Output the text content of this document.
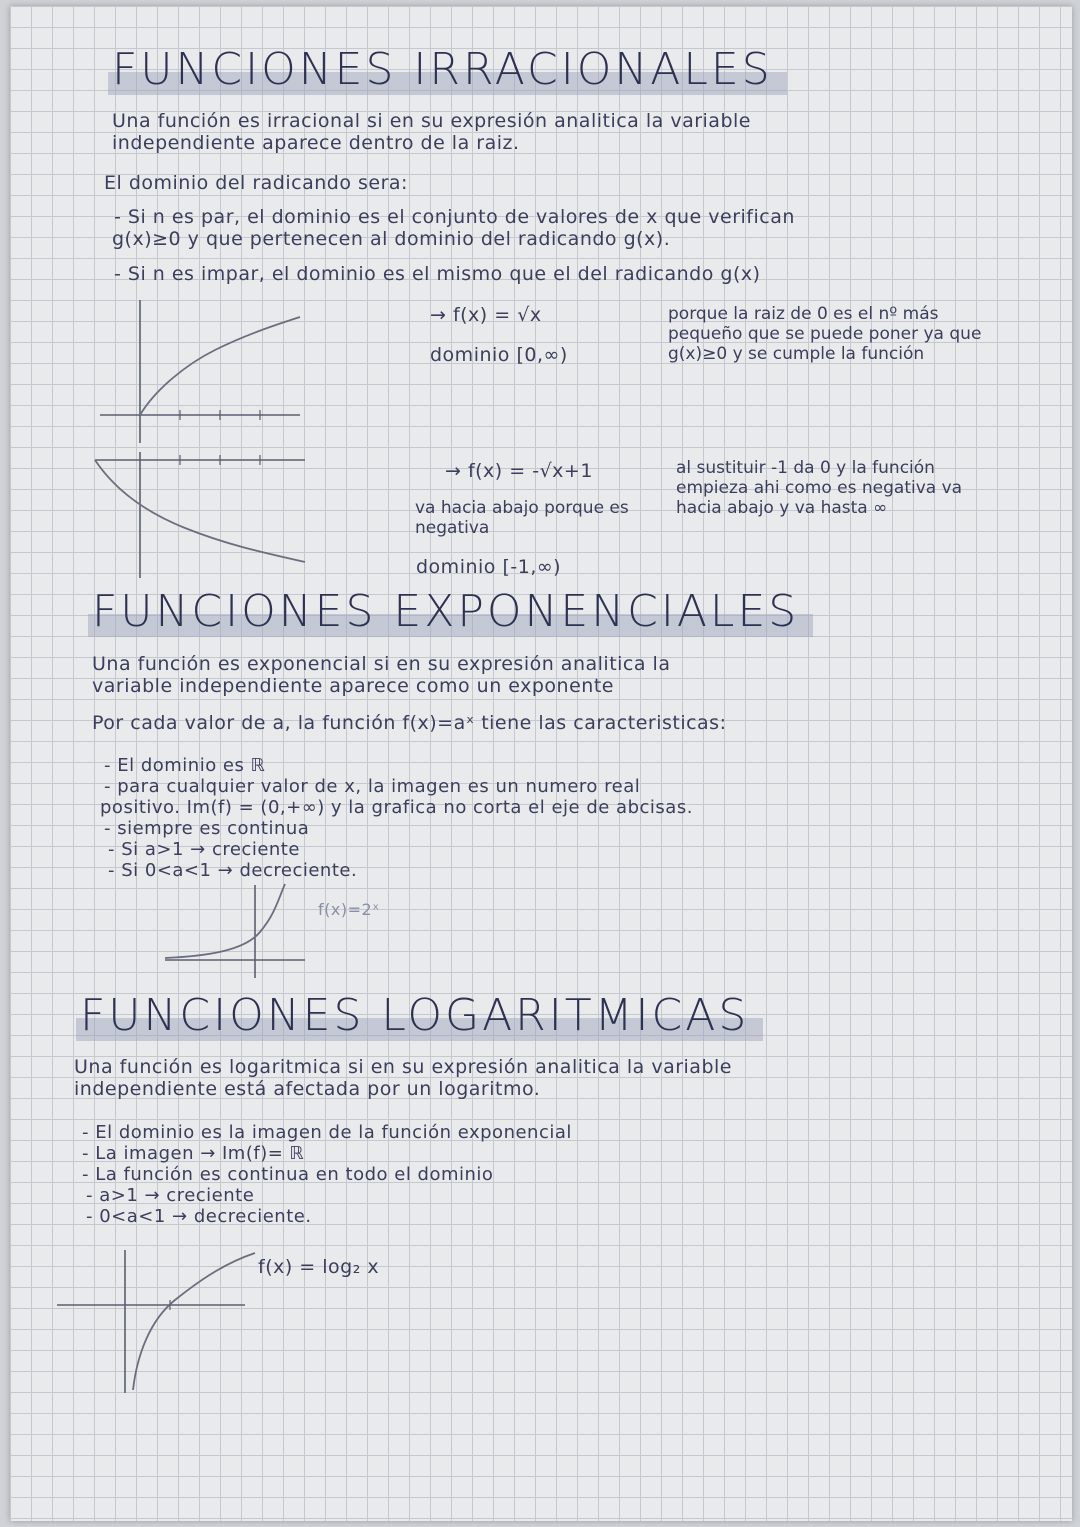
FUNCIONES IRRACIONALES
Una función es irracional si en su expresión analitica la variable
independiente aparece dentro de la raiz.
El dominio del radicando sera:
- Si n es par, el dominio es el conjunto de valores de x que verifican
g(x)≥0 y que pertenecen al dominio del radicando g(x).
- Si n es impar, el dominio es el mismo que el del radicando g(x)
→ f(x) = √x
dominio [0,∞)
porque la raiz de 0 es el nº más pequeño que se puede poner ya que g(x)≥0 y se cumple la función
→ f(x) = -√x+1
va hacia abajo porque es negativa
dominio [-1,∞)
al sustituir -1 da 0 y la función empieza ahi como es negativa va hacia abajo y va hasta ∞
FUNCIONES EXPONENCIALES
Una función es exponencial si en su expresión analitica la
variable independiente aparece como un exponente
Por cada valor de a, la función f(x)=aˣ tiene las caracteristicas:
- El dominio es ℝ
- para cualquier valor de x, la imagen es un numero real
positivo. Im(f) = (0,+∞) y la grafica no corta el eje de abcisas.
- siempre es continua
- Si a>1 → creciente
- Si 0<a<1 → decreciente.
f(x)=2ˣ
FUNCIONES LOGARITMICAS
Una función es logaritmica si en su expresión analitica la variable
independiente está afectada por un logaritmo.
- El dominio es la imagen de la función exponencial
- La imagen → Im(f)= ℝ
- La función es continua en todo el dominio
- a>1 → creciente
- 0<a<1 → decreciente.
f(x) = log₂ x
